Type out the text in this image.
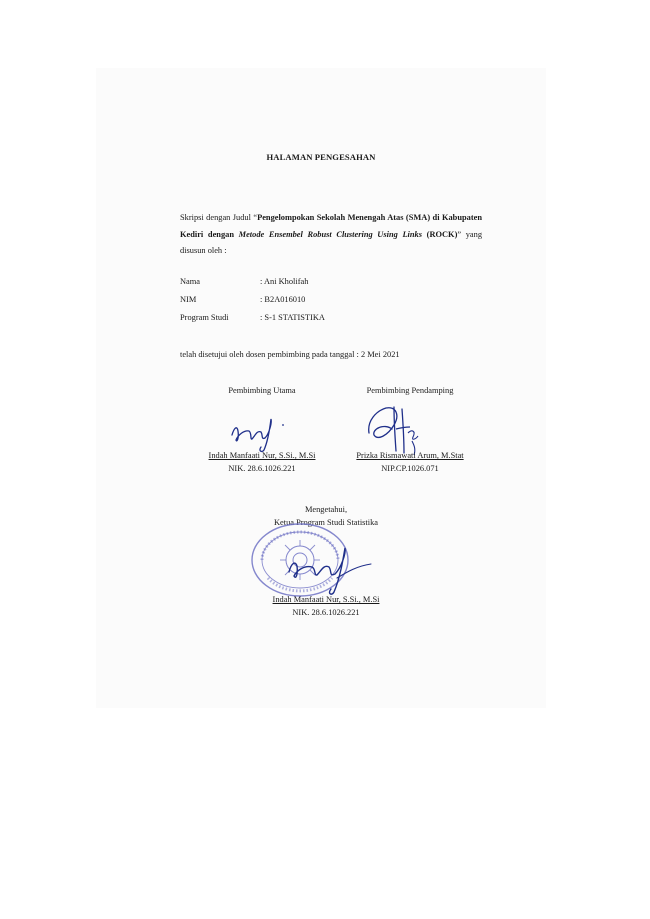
HALAMAN PENGESAHAN
Skripsi dengan Judul “Pengelompokan Sekolah Menengah Atas (SMA) di Kabupaten Kediri dengan Metode Ensembel Robust Clustering Using Links (ROCK)” yang disusun oleh :
Nama	: Ani Kholifah
NIM	: B2A016010
Program Studi	: S-1 STATISTIKA
telah disetujui oleh dosen pembimbing pada tanggal : 2 Mei 2021
Pembimbing Utama
Indah Manfaati Nur, S.Si., M.Si
NIK. 28.6.1026.221
Pembimbing Pendamping
Prizka Rismawati Arum, M.Stat
NIP.CP.1026.071
Mengetahui,
Ketua Program Studi Statistika
Indah Manfaati Nur, S.Si., M.Si
NIK. 28.6.1026.221
